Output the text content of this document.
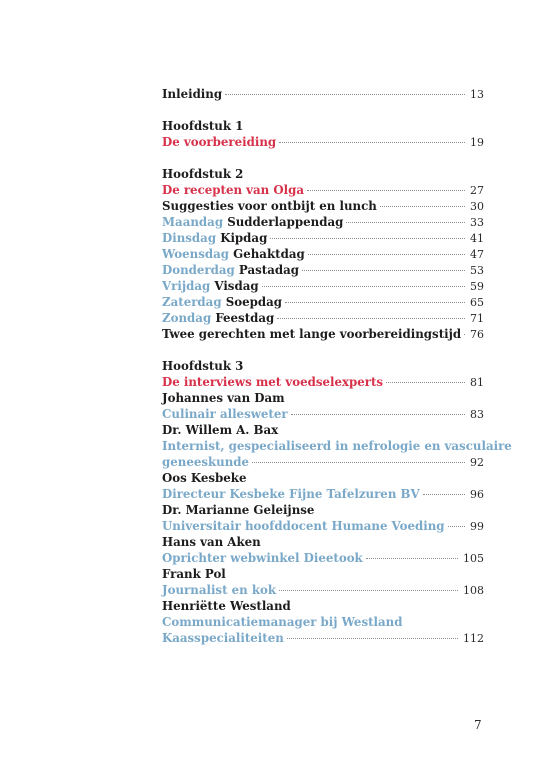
Inleiding	13
Hoofdstuk 1
De voorbereiding	19
Hoofdstuk 2
De recepten van Olga	27
Suggesties voor ontbijt en lunch	30
Maandag Sudderlappendag	33
Dinsdag Kipdag	41
Woensdag Gehaktdag	47
Donderdag Pastadag	53
Vrijdag Visdag	59
Zaterdag Soepdag	65
Zondag Feestdag	71
Twee gerechten met lange voorbereidingstijd 76
Hoofdstuk 3
De interviews met voedselexperts	81
Johannes van Dam
Culinair allesweter	83
Dr. Willem A. Bax
Internist, gespecialiseerd in nefrologie en vasculaire
geneeskunde	92
Oos Kesbeke
Directeur Kesbeke Fijne Tafelzuren BV	96
Dr. Marianne Geleijnse
Universitair hoofddocent Humane Voeding 99
Hans van Aken
Oprichter webwinkel Dieetook	105
Frank Pol
Journalist en kok	108
Henriëtte Westland
Communicatiemanager bij Westland
Kaasspecialiteiten	112
7
